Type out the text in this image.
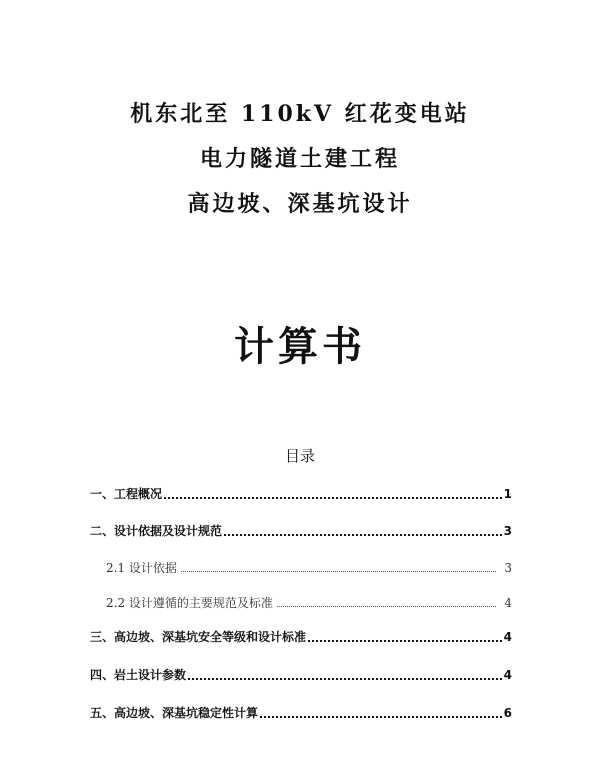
机东北至 110kV 红花变电站
电力隧道土建工程
高边坡、深基坑设计
计算书
目录
一、工程概况	1
二、设计依据及设计规范	3
2.1 设计依据	3
2.2 设计遵循的主要规范及标准	4
三、高边坡、深基坑安全等级和设计标准	4
四、岩土设计参数	4
五、高边坡、深基坑稳定性计算	6
